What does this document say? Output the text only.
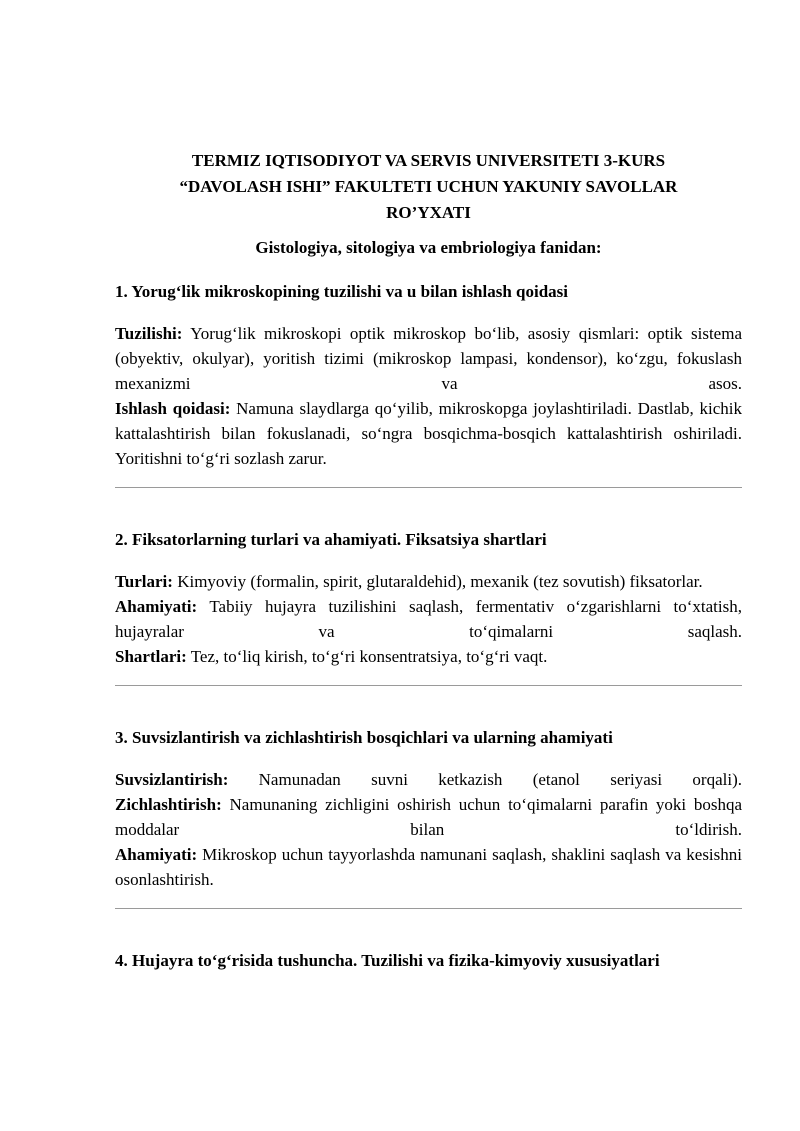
TERMIZ IQTISODIYOT VA SERVIS UNIVERSITETI 3-KURS
“DAVOLASH ISHI” FAKULTETI UCHUN YAKUNIY SAVOLLAR
RO’YXATI
Gistologiya, sitologiya va embriologiya fanidan:
1. Yorug‘lik mikroskopining tuzilishi va u bilan ishlash qoidasi

Tuzilishi: Yorug‘lik mikroskopi optik mikroskop bo‘lib, asosiy qismlari: optik sistema (obyektiv, okulyar), yoritish tizimi (mikroskop lampasi, kondensor), ko‘zgu, fokuslash mexanizmi va asos.

Ishlash qoidasi: Namuna slaydlarga qo‘yilib, mikroskopga joylashtiriladi. Dastlab, kichik kattalashtirish bilan fokuslanadi, so‘ngra bosqichma-bosqich kattalashtirish oshiriladi. Yoritishni to‘g‘ri sozlash zarur.

2. Fiksatorlarning turlari va ahamiyati. Fiksatsiya shartlari

Turlari: Kimyoviy (formalin, spirit, glutaraldehid), mexanik (tez sovutish) fiksatorlar.

Ahamiyati: Tabiiy hujayra tuzilishini saqlash, fermentativ o‘zgarishlarni to‘xtatish, hujayralar va to‘qimalarni saqlash.

Shartlari: Tez, to‘liq kirish, to‘g‘ri konsentratsiya, to‘g‘ri vaqt.

3. Suvsizlantirish va zichlashtirish bosqichlari va ularning ahamiyati

Suvsizlantirish: Namunadan suvni ketkazish (etanol seriyasi orqali).

Zichlashtirish: Namunaning zichligini oshirish uchun to‘qimalarni parafin yoki boshqa moddalar bilan to‘ldirish.

Ahamiyati: Mikroskop uchun tayyorlashda namunani saqlash, shaklini saqlash va kesishni osonlashtirish.

4. Hujayra to‘g‘risida tushuncha. Tuzilishi va fizika-kimyoviy xususiyatlari
